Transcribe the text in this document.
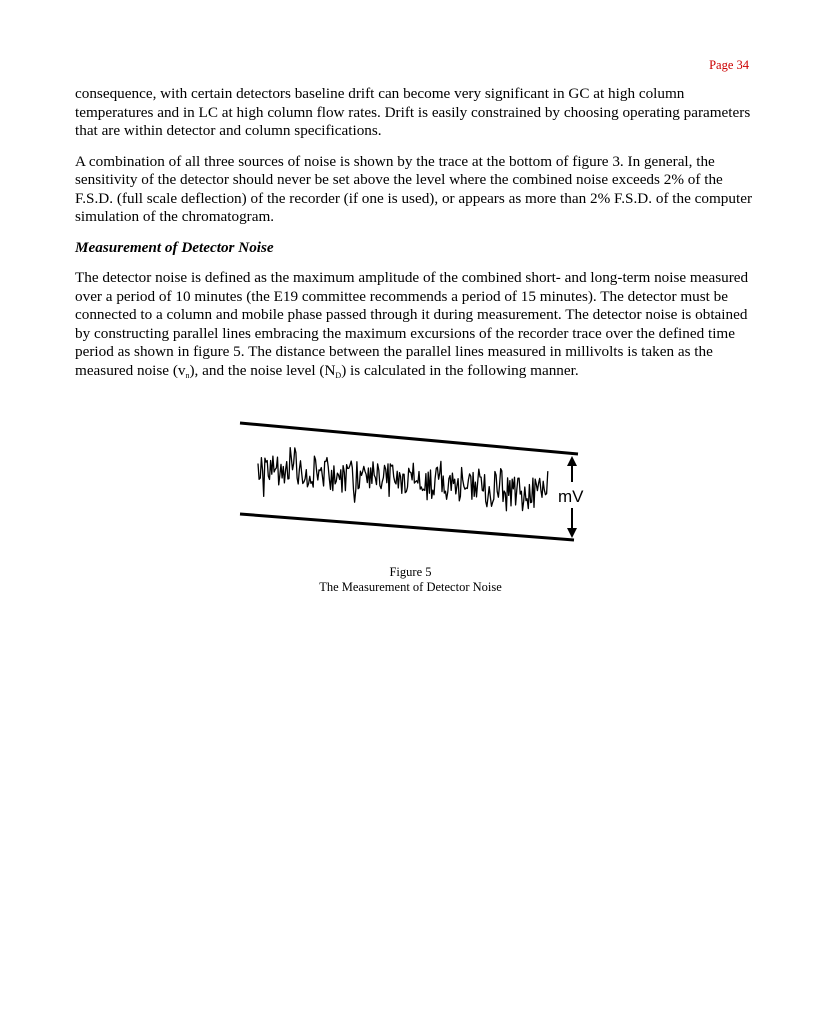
Page 34

consequence, with certain detectors baseline drift can become very significant in GC at high column temperatures and in LC at high column flow rates. Drift is easily constrained by choosing operating parameters that are within detector and column specifications.

A combination of all three sources of noise is shown by the trace at the bottom of figure 3. In general, the sensitivity of the detector should never be set above the level where the combined noise exceeds 2% of the F.S.D. (full scale deflection) of the recorder (if one is used), or appears as more than 2% F.S.D. of the computer simulation of the chromatogram.

Measurement of Detector Noise

The detector noise is defined as the maximum amplitude of the combined short- and long-term noise measured over a period of 10 minutes (the E19 committee recommends a period of 15 minutes). The detector must be connected to a column and mobile phase passed through it during measurement. The detector noise is obtained by constructing parallel lines embracing the maximum excursions of the recorder trace over the defined time period as shown in figure 5. The distance between the parallel lines measured in millivolts is taken as the measured noise $(v_n)$, and the noise level $(N_D)$ is calculated in the following manner.

mV
Figure 5
The Measurement of Detector Noise
